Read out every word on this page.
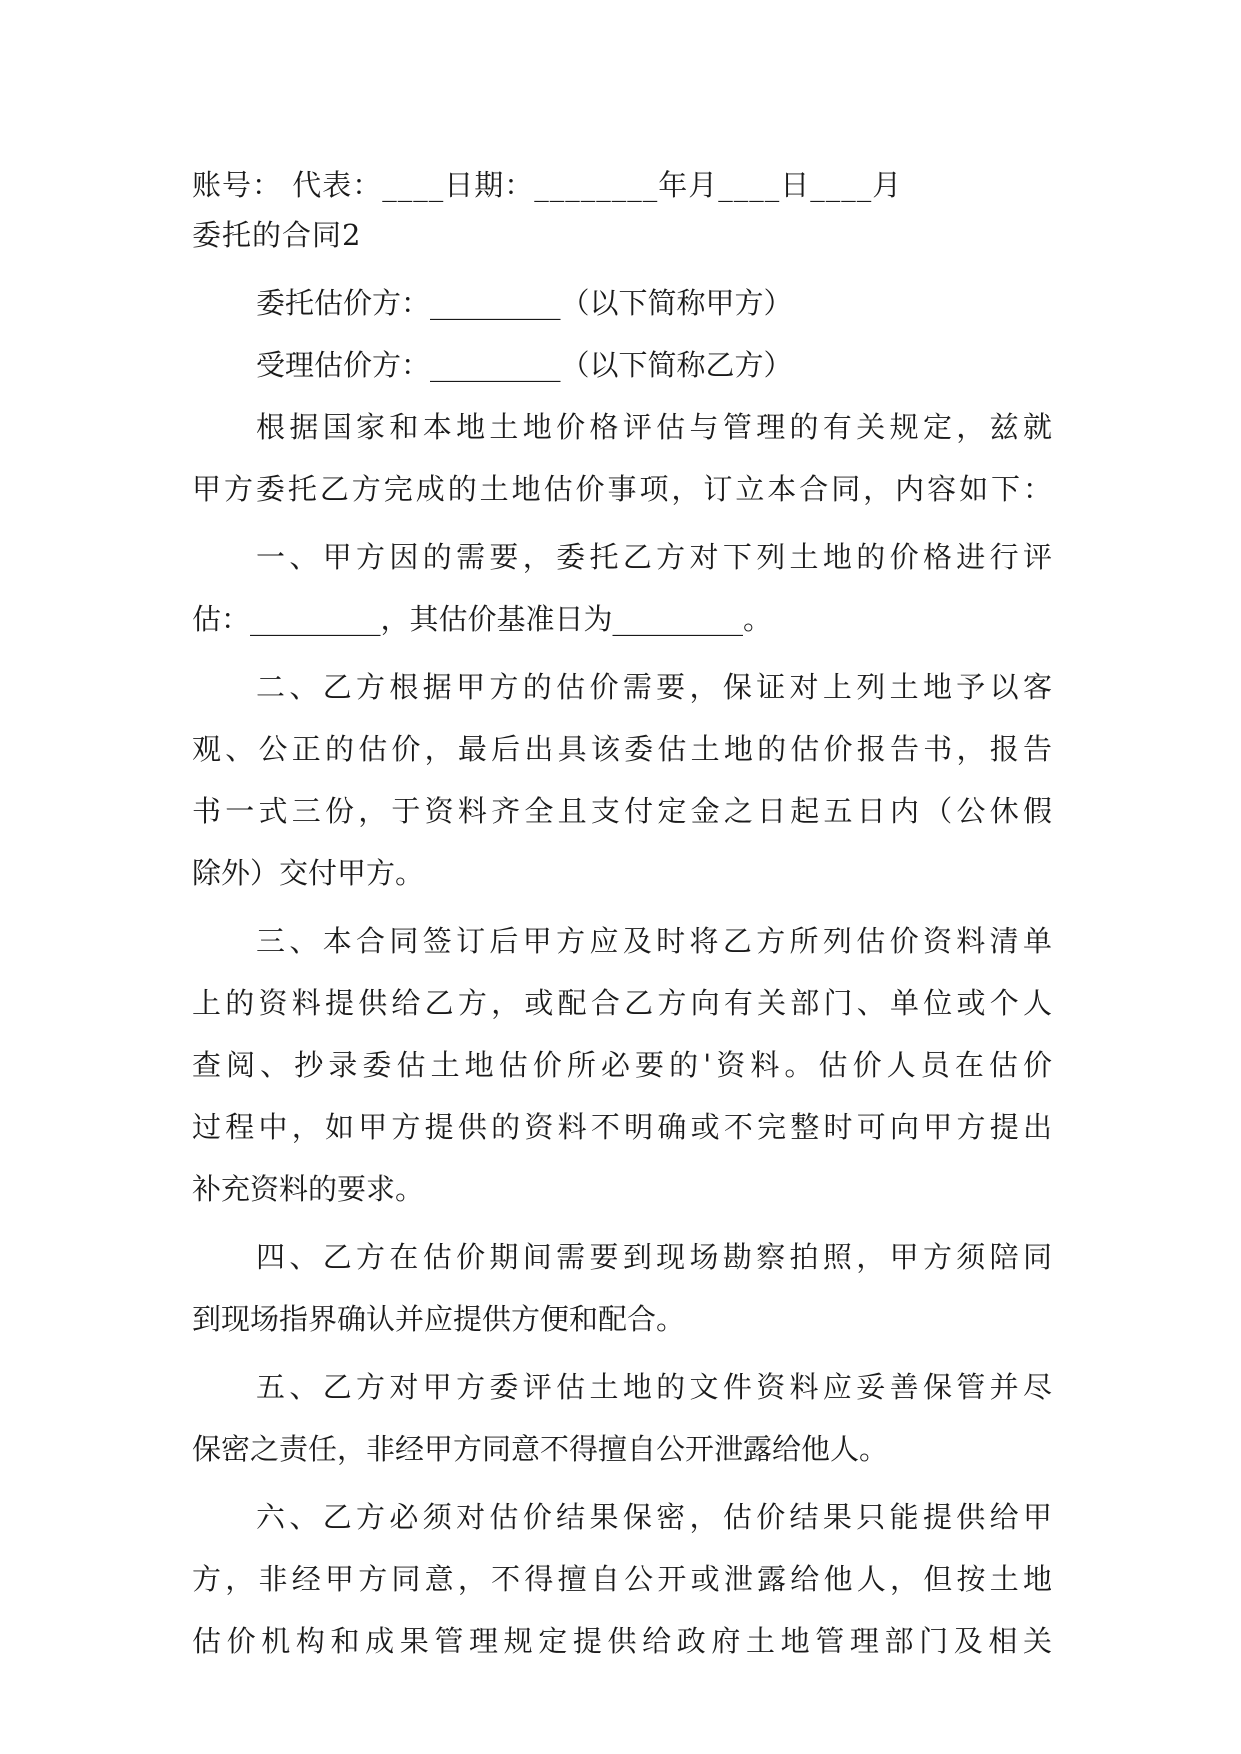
账号： 代表：____日期：________年月____日____月
委托的合同2
委托估价方：_________（以下简称甲方）
受理估价方：_________（以下简称乙方）
根据国家和本地土地价格评估与管理的有关规定，兹就
甲方委托乙方完成的土地估价事项，订立本合同，内容如下：
一、甲方因的需要，委托乙方对下列土地的价格进行评
估：_________，其估价基准日为_________。
二、乙方根据甲方的估价需要，保证对上列土地予以客
观、公正的估价，最后出具该委估土地的估价报告书，报告
书一式三份，于资料齐全且支付定金之日起五日内（公休假
除外）交付甲方。
三、本合同签订后甲方应及时将乙方所列估价资料清单
上的资料提供给乙方，或配合乙方向有关部门、单位或个人
查阅、抄录委估土地估价所必要的'资料。估价人员在估价
过程中，如甲方提供的资料不明确或不完整时可向甲方提出
补充资料的要求。
四、乙方在估价期间需要到现场勘察拍照，甲方须陪同
到现场指界确认并应提供方便和配合。
五、乙方对甲方委评估土地的文件资料应妥善保管并尽
保密之责任，非经甲方同意不得擅自公开泄露给他人。
六、乙方必须对估价结果保密，估价结果只能提供给甲
方，非经甲方同意，不得擅自公开或泄露给他人，但按土地
估价机构和成果管理规定提供给政府土地管理部门及相关
